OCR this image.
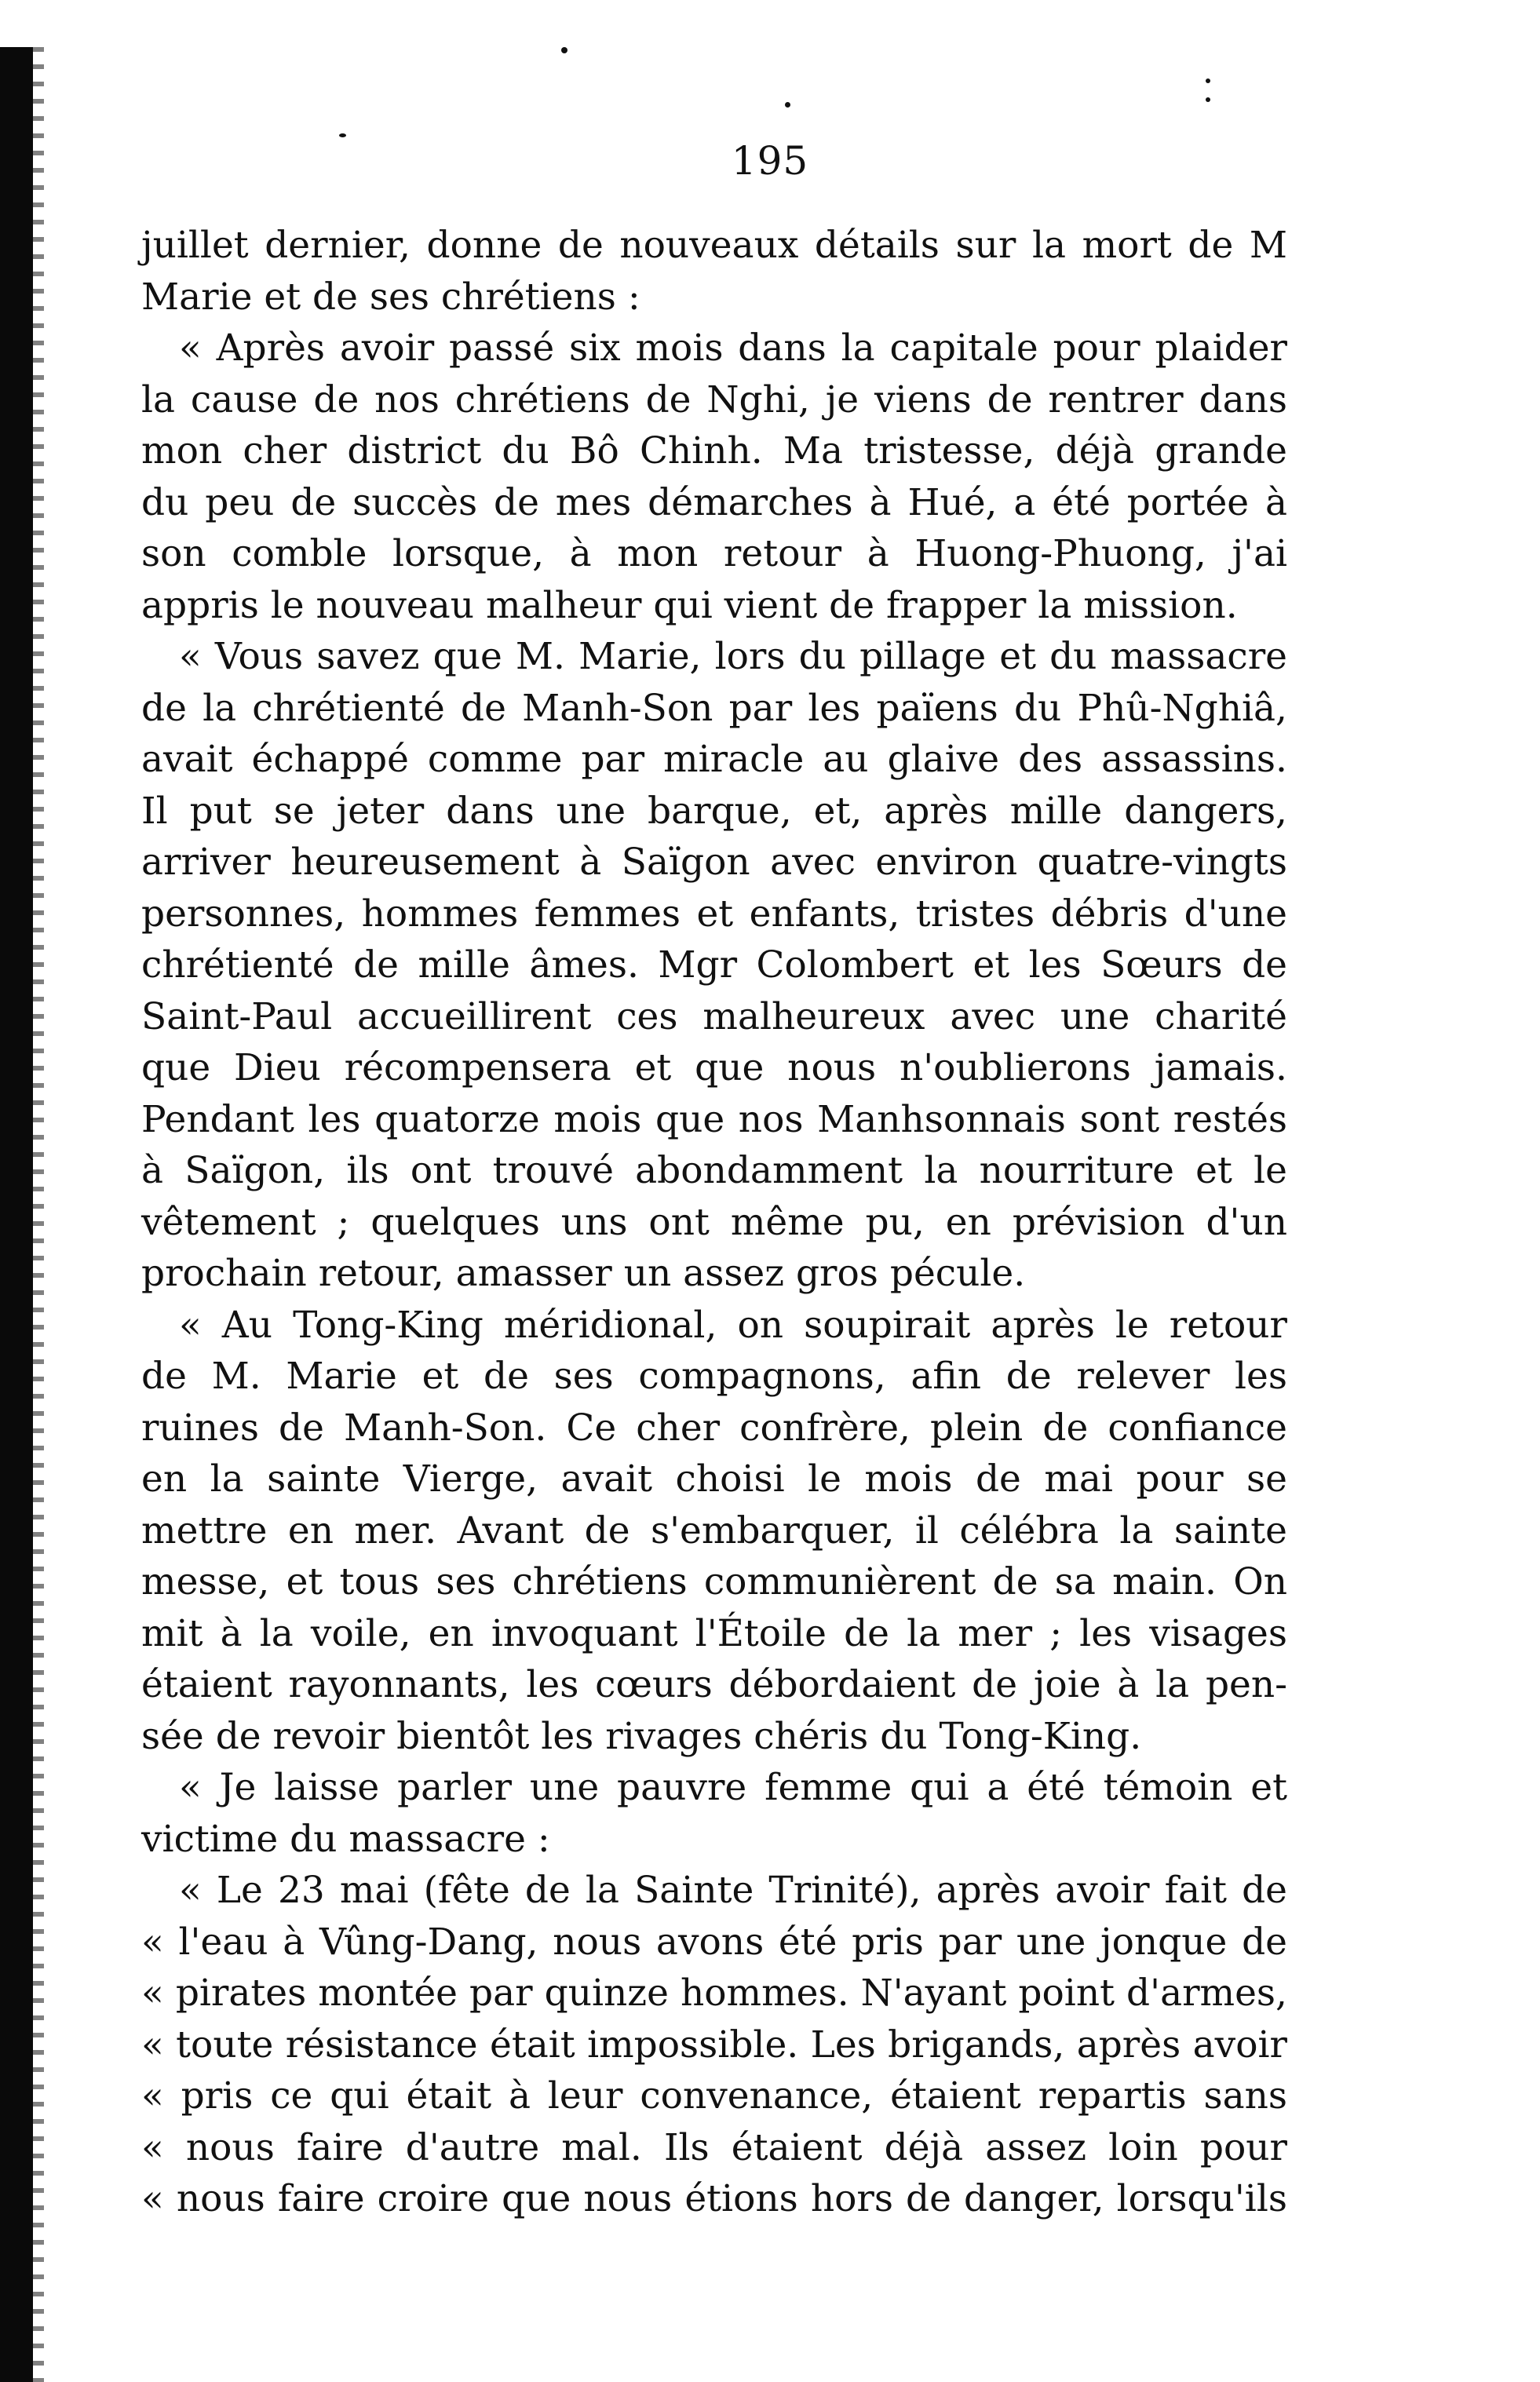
195
juillet dernier, donne de nouveaux détails sur la mort de M
Marie et de ses chrétiens :
« Après avoir passé six mois dans la capitale pour plaider
la cause de nos chrétiens de Nghi, je viens de rentrer dans
mon cher district du Bô Chinh. Ma tristesse, déjà grande
du peu de succès de mes démarches à Hué, a été portée à
son comble lorsque, à mon retour à Huong-Phuong, j'ai
appris le nouveau malheur qui vient de frapper la mission.
« Vous savez que M. Marie, lors du pillage et du massacre
de la chrétienté de Manh-Son par les païens du Phû-Nghiâ,
avait échappé comme par miracle au glaive des assassins.
Il put se jeter dans une barque, et, après mille dangers,
arriver heureusement à Saïgon avec environ quatre-vingts
personnes, hommes femmes et enfants, tristes débris d'une
chrétienté de mille âmes. Mgr Colombert et les Sœurs de
Saint-Paul accueillirent ces malheureux avec une charité
que Dieu récompensera et que nous n'oublierons jamais.
Pendant les quatorze mois que nos Manhsonnais sont restés
à Saïgon, ils ont trouvé abondamment la nourriture et le
vêtement ; quelques uns ont même pu, en prévision d'un
prochain retour, amasser un assez gros pécule.
« Au Tong-King méridional, on soupirait après le retour
de M. Marie et de ses compagnons, afin de relever les
ruines de Manh-Son. Ce cher confrère, plein de confiance
en la sainte Vierge, avait choisi le mois de mai pour se
mettre en mer. Avant de s'embarquer, il célébra la sainte
messe, et tous ses chrétiens communièrent de sa main. On
mit à la voile, en invoquant l'Étoile de la mer ; les visages
étaient rayonnants, les cœurs débordaient de joie à la pen-
sée de revoir bientôt les rivages chéris du Tong-King.
« Je laisse parler une pauvre femme qui a été témoin et
victime du massacre :
« Le 23 mai (fête de la Sainte Trinité), après avoir fait de
« l'eau à Vûng-Dang, nous avons été pris par une jonque de
« pirates montée par quinze hommes. N'ayant point d'armes,
« toute résistance était impossible. Les brigands, après avoir
« pris ce qui était à leur convenance, étaient repartis sans
« nous faire d'autre mal. Ils étaient déjà assez loin pour
« nous faire croire que nous étions hors de danger, lorsqu'ils
